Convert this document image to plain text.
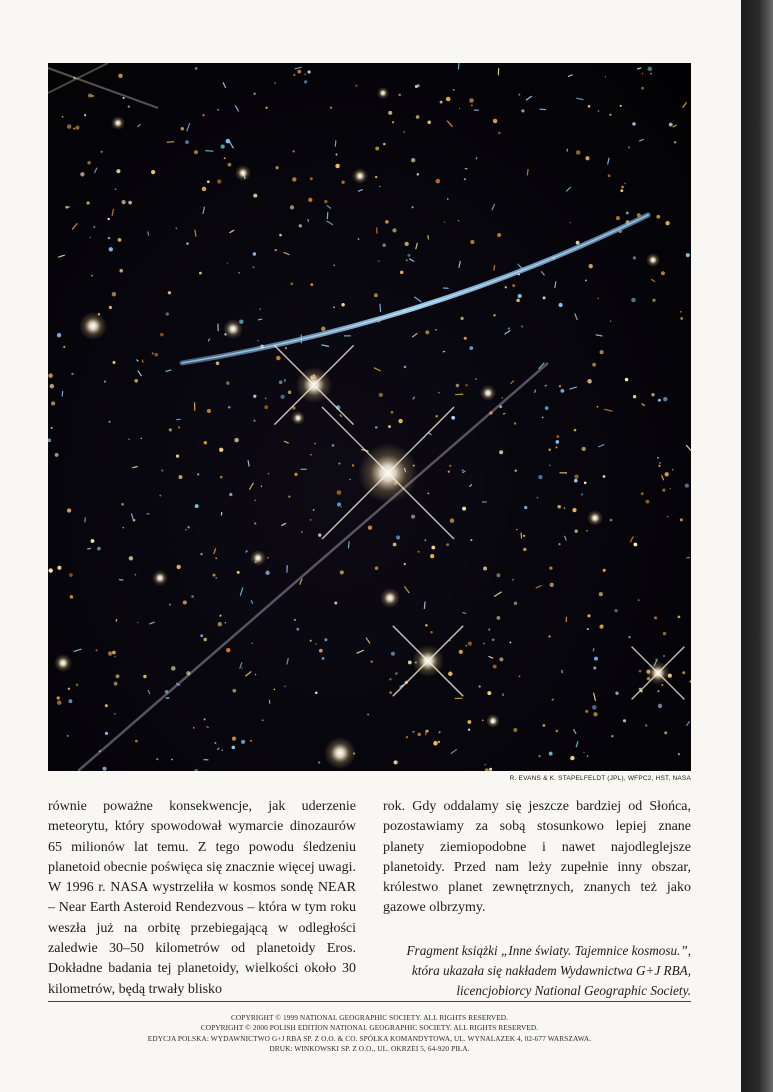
R. EVANS & K. STAPELFELDT (JPL), WFPC2, HST, NASA

równie poważne konsekwencje, jak uderzenie meteorytu, który spowodował wymarcie dinozaurów 65 milionów lat temu. Z tego powodu śledzeniu planetoid obecnie poświęca się znacznie więcej uwagi. W 1996 r. NASA wystrzeliła w kosmos sondę NEAR – Near Earth Asteroid Rendezvous – która w tym roku weszła już na orbitę przebiegającą w odległości zaledwie 30–50 kilometrów od planetoidy Eros. Dokładne badania tej planetoidy, wielkości około 30 kilometrów, będą trwały blisko

rok. Gdy oddalamy się jeszcze bardziej od Słońca, pozostawiamy za sobą stosunkowo lepiej znane planety ziemiopodobne i nawet najodleglejsze planetoidy. Przed nam leży zupełnie inny obszar, królestwo planet zewnętrznych, znanych też jako gazowe olbrzymy.

Fragment książki „Inne światy. Tajemnice kosmosu.”, która ukazała się nakładem Wydawnictwa G+J RBA, licencjobiorcy National Geographic Society.

COPYRIGHT © 1999 NATIONAL GEOGRAPHIC SOCIETY. ALL RIGHTS RESERVED.
COPYRIGHT © 2000 POLISH EDITION NATIONAL GEOGRAPHIC SOCIETY. ALL RIGHTS RESERVED.
EDYCJA POLSKA: WYDAWNICTWO G+J RBA SP. Z O.O. & CO. SPÓŁKA KOMANDYTOWA, UL. WYNALAZEK 4, 02-677 WARSZAWA.
DRUK: WINKOWSKI SP. Z O.O., UL. OKRZEI 5, 64-920 PIŁA.
